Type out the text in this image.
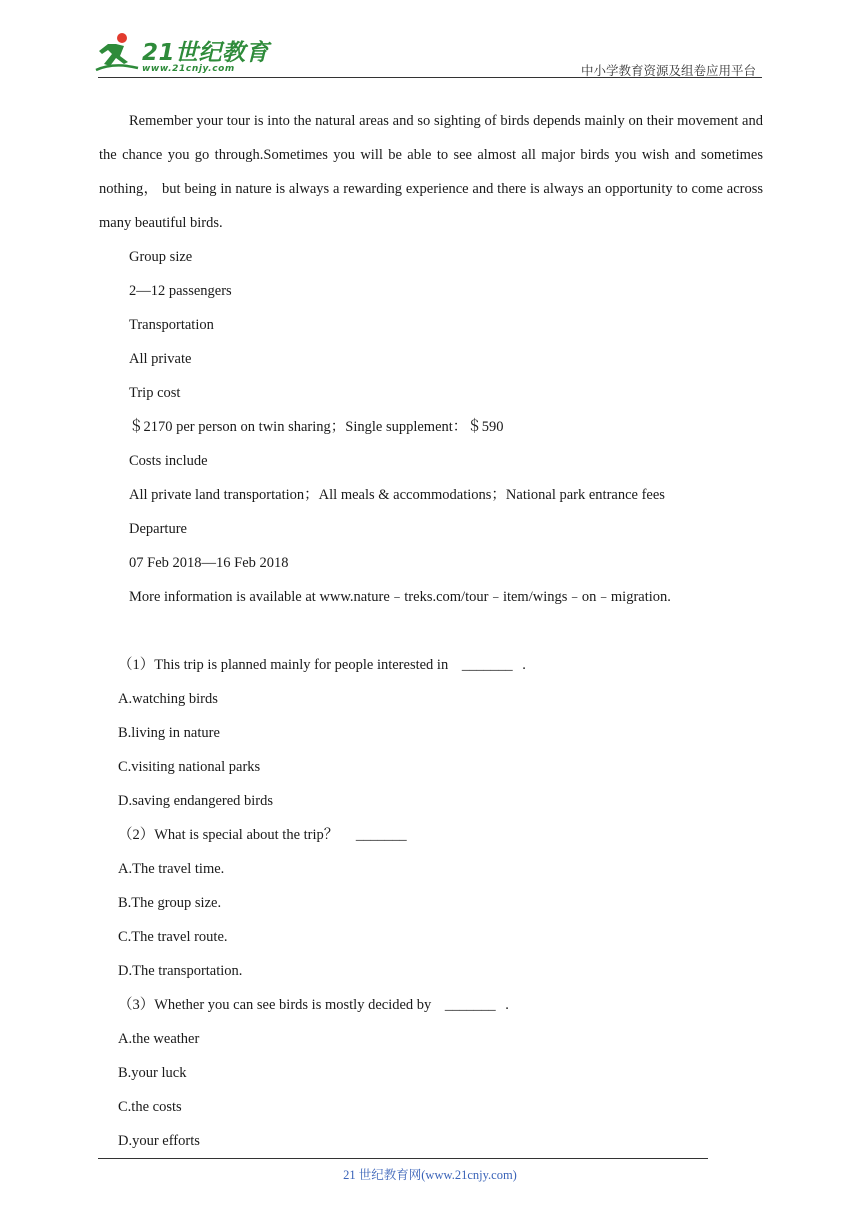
21世纪教育
www.21cnjy.com	中小学教育资源及组卷应用平台

Remember your tour is into the natural areas and so sighting of birds depends mainly on their movement and the chance you go through.Sometimes you will be able to see almost all major birds you wish and sometimes nothing， but being in nature is always a rewarding experience and there is always an opportunity to come across many beautiful birds.

Group size

2—12 passengers

Transportation

All private

Trip cost

＄2170 per person on twin sharing；Single supplement：＄590

Costs include

All private land transportation；All meals & accommodations；National park entrance fees

Departure

07 Feb 2018—16 Feb 2018

More information is available at www.nature﹣treks.com/tour﹣item/wings﹣on﹣migration.

（1）This trip is planned mainly for people interested in _______ .

A.watching birds

B.living in nature

C.visiting national parks

D.saving endangered birds

（2）What is special about the trip？ _______

A.The travel time.

B.The group size.

C.The travel route.

D.The transportation.

（3）Whether you can see birds is mostly decided by _______ .

A.the weather

B.your luck

C.the costs

D.your efforts

21 世纪教育网(www.21cnjy.com)
